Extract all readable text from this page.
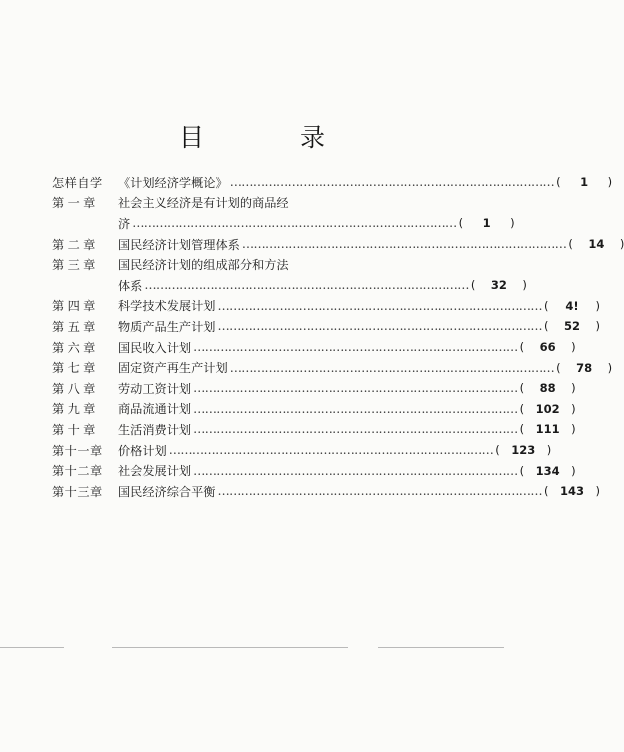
目 录
怎样自学	《计划经济学概论》 ………………………………………………………………………… ( 1 )
第一章	社会主义经济是有计划的商品经
济 ………………………………………………………………………… ( 1 )
第二章	国民经济计划管理体系 ………………………………………………………………………… ( 14 )
第三章	国民经济计划的组成部分和方法
体系 ………………………………………………………………………… ( 32 )
第四章	科学技术发展计划 ………………………………………………………………………… ( 4! )
第五章	物质产品生产计划 ………………………………………………………………………… ( 52 )
第六章	国民收入计划 ………………………………………………………………………… ( 66 )
第七章	固定资产再生产计划 ………………………………………………………………………… ( 78 )
第八章	劳动工资计划 ………………………………………………………………………… ( 88 )
第九章	商品流通计划 ………………………………………………………………………… ( 102 )
第十章	生活消费计划 ………………………………………………………………………… ( 111 )
第十一章	价格计划 ………………………………………………………………………… ( 123 )
第十二章	社会发展计划 ………………………………………………………………………… ( 134 )
第十三章	国民经济综合平衡 ………………………………………………………………………… ( 143 )
